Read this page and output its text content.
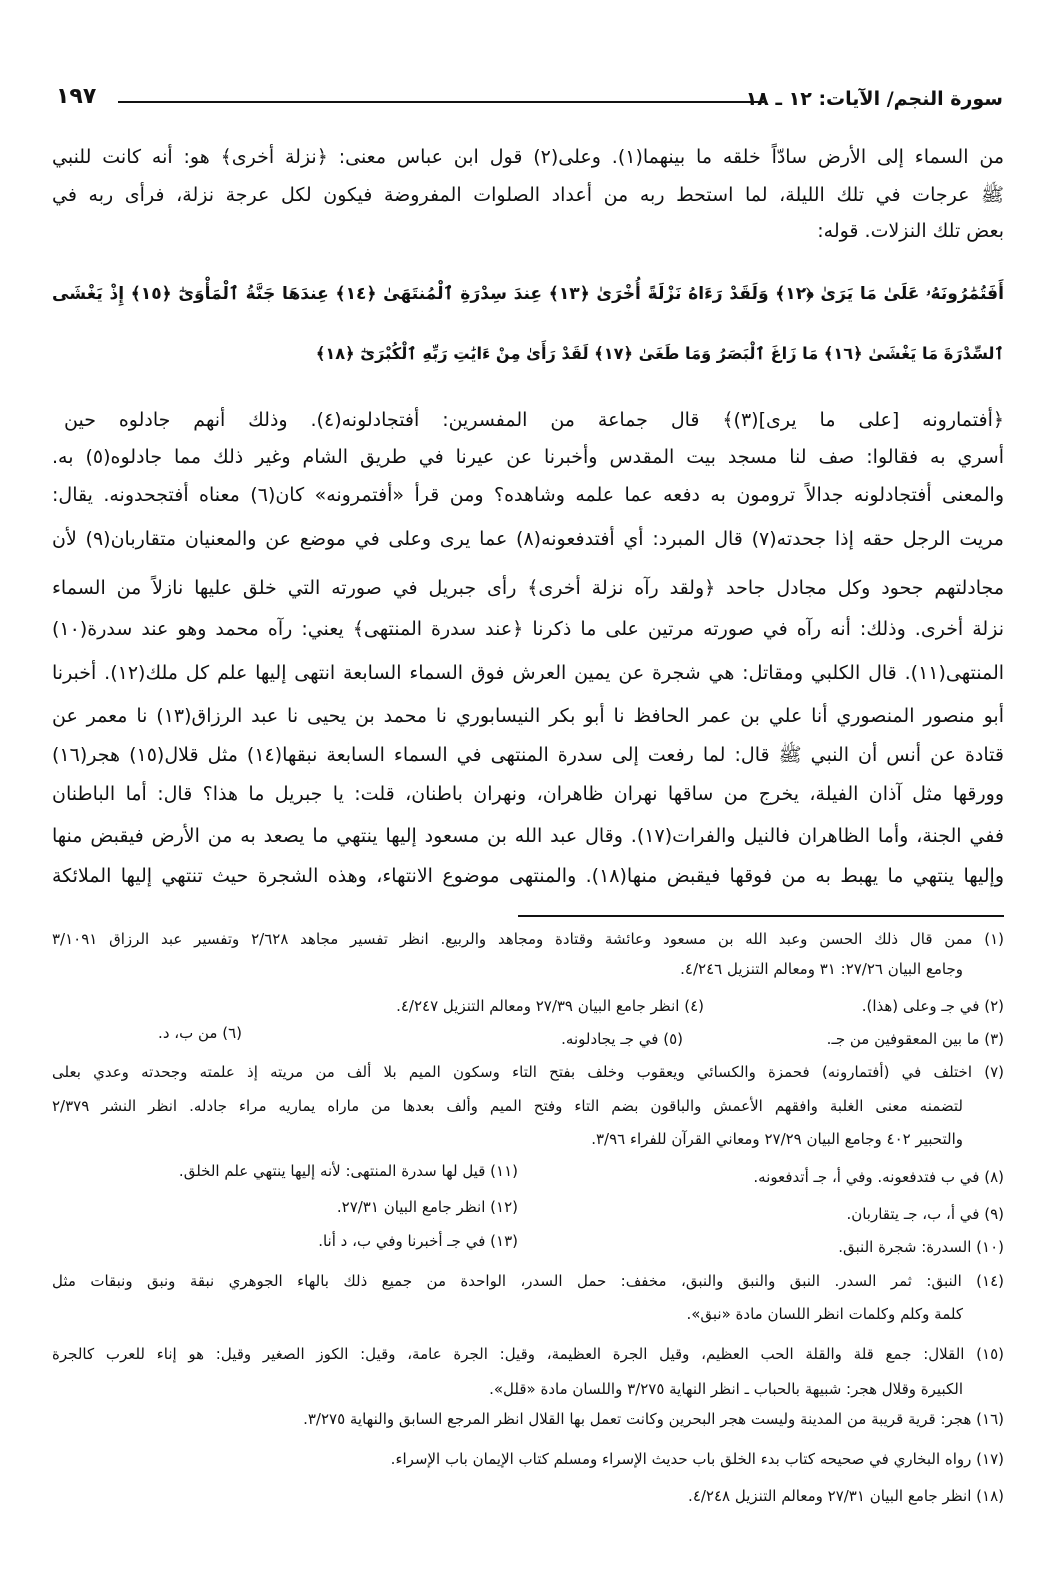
سورة النجم/ الآيات: ١٢ ـ ١٨
١٩٧
من السماء إلى الأرض سادّاً خلقه ما بينهما(١). وعلى(٢) قول ابن عباس معنى: ﴿نزلة أخرى﴾ هو: أنه كانت للنبي
ﷺ عرجات في تلك الليلة، لما استحط ربه من أعداد الصلوات المفروضة فيكون لكل عرجة نزلة، فرأى ربه في
بعض تلك النزلات. قوله:
أَفَتُمَٰرُونَهُۥ عَلَىٰ مَا يَرَىٰ ﴿١٢﴾ وَلَقَدْ رَءَاهُ نَزْلَةً أُخْرَىٰ ﴿١٣﴾ عِندَ سِدْرَةِ ٱلْمُنتَهَىٰ ﴿١٤﴾ عِندَهَا جَنَّةُ ٱلْمَأْوَىٰٓ ﴿١٥﴾ إِذْ يَغْشَى
ٱلسِّدْرَةَ مَا يَغْشَىٰ ﴿١٦﴾ مَا زَاغَ ٱلْبَصَرُ وَمَا طَغَىٰ ﴿١٧﴾ لَقَدْ رَأَىٰ مِنْ ءَايَٰتِ رَبِّهِ ٱلْكُبْرَىٰٓ ﴿١٨﴾
﴿أفتمارونه [على ما يرى](٣)﴾ قال جماعة من المفسرين: أفتجادلونه(٤). وذلك أنهم جادلوه حين
أسري به فقالوا: صف لنا مسجد بيت المقدس وأخبرنا عن عيرنا في طريق الشام وغير ذلك مما جادلوه(٥) به.
والمعنى أفتجادلونه جدالاً ترومون به دفعه عما علمه وشاهده؟ ومن قرأ «أفتمرونه» كان(٦) معناه أفتجحدونه. يقال:
مريت الرجل حقه إذا جحدته(٧) قال المبرد: أي أفتدفعونه(٨) عما يرى وعلى في موضع عن والمعنيان متقاربان(٩) لأن
مجادلتهم جحود وكل مجادل جاحد ﴿ولقد رآه نزلة أخرى﴾ رأى جبريل في صورته التي خلق عليها نازلاً من السماء
نزلة أخرى. وذلك: أنه رآه في صورته مرتين على ما ذكرنا ﴿عند سدرة المنتهى﴾ يعني: رآه محمد وهو عند سدرة(١٠)
المنتهى(١١). قال الكلبي ومقاتل: هي شجرة عن يمين العرش فوق السماء السابعة انتهى إليها علم كل ملك(١٢). أخبرنا
أبو منصور المنصوري أنا علي بن عمر الحافظ نا أبو بكر النيسابوري نا محمد بن يحيى نا عبد الرزاق(١٣) نا معمر عن
قتادة عن أنس أن النبي ﷺ قال: لما رفعت إلى سدرة المنتهى في السماء السابعة نبقها(١٤) مثل قلال(١٥) هجر(١٦)
وورقها مثل آذان الفيلة، يخرج من ساقها نهران ظاهران، ونهران باطنان، قلت: يا جبريل ما هذا؟ قال: أما الباطنان
ففي الجنة، وأما الظاهران فالنيل والفرات(١٧). وقال عبد الله بن مسعود إليها ينتهي ما يصعد به من الأرض فيقبض منها
وإليها ينتهي ما يهبط به من فوقها فيقبض منها(١٨). والمنتهى موضوع الانتهاء، وهذه الشجرة حيث تنتهي إليها الملائكة
(١) ممن قال ذلك الحسن وعبد الله بن مسعود وعائشة وقتادة ومجاهد والربيع. انظر تفسير مجاهد ٢/٦٢٨ وتفسير عبد الرزاق ٣/١٠٩١
وجامع البيان ٢٧/٢٦: ٣١ ومعالم التنزيل ٤/٢٤٦.
(٢) في جـ وعلى (هذا).
(٤) انظر جامع البيان ٢٧/٣٩ ومعالم التنزيل ٤/٢٤٧.
(٣) ما بين المعقوفين من جـ.
(٥) في جـ يجادلونه.
(٦) من ب، د.
(٧) اختلف في (أفتمارونه) فحمزة والكسائي ويعقوب وخلف بفتح التاء وسكون الميم بلا ألف من مريته إذ علمته وجحدته وعدي بعلى
لتضمنه معنى الغلبة وافقهم الأعمش والباقون بضم التاء وفتح الميم وألف بعدها من ماراه يماريه مراء جادله. انظر النشر ٢/٣٧٩
والتحبير ٤٠٢ وجامع البيان ٢٧/٢٩ ومعاني القرآن للفراء ٣/٩٦.
(٨) في ب فتدفعونه. وفي أ، جـ أتدفعونه.
(١١) قيل لها سدرة المنتهى: لأنه إليها ينتهي علم الخلق.
(٩) في أ، ب، جـ يتقاربان.
(١٢) انظر جامع البيان ٢٧/٣١.
(١٠) السدرة: شجرة النبق.
(١٣) في جـ أخبرنا وفي ب، د أنا.
(١٤) النبق: ثمر السدر. النبق والنبق والنبق، مخفف: حمل السدر، الواحدة من جميع ذلك بالهاء الجوهري نبقة ونبق ونبقات مثل
كلمة وكلم وكلمات انظر اللسان مادة «نبق».
(١٥) القلال: جمع قلة والقلة الحب العظيم، وقيل الجرة العظيمة، وقيل: الجرة عامة، وقيل: الكوز الصغير وقيل: هو إناء للعرب كالجرة
الكبيرة وقلال هجر: شبيهة بالحباب ـ انظر النهاية ٣/٢٧٥ واللسان مادة «قلل».
(١٦) هجر: قرية قريبة من المدينة وليست هجر البحرين وكانت تعمل بها القلال انظر المرجع السابق والنهاية ٣/٢٧٥.
(١٧) رواه البخاري في صحيحه كتاب بدء الخلق باب حديث الإسراء ومسلم كتاب الإيمان باب الإسراء.
(١٨) انظر جامع البيان ٢٧/٣١ ومعالم التنزيل ٤/٢٤٨.
